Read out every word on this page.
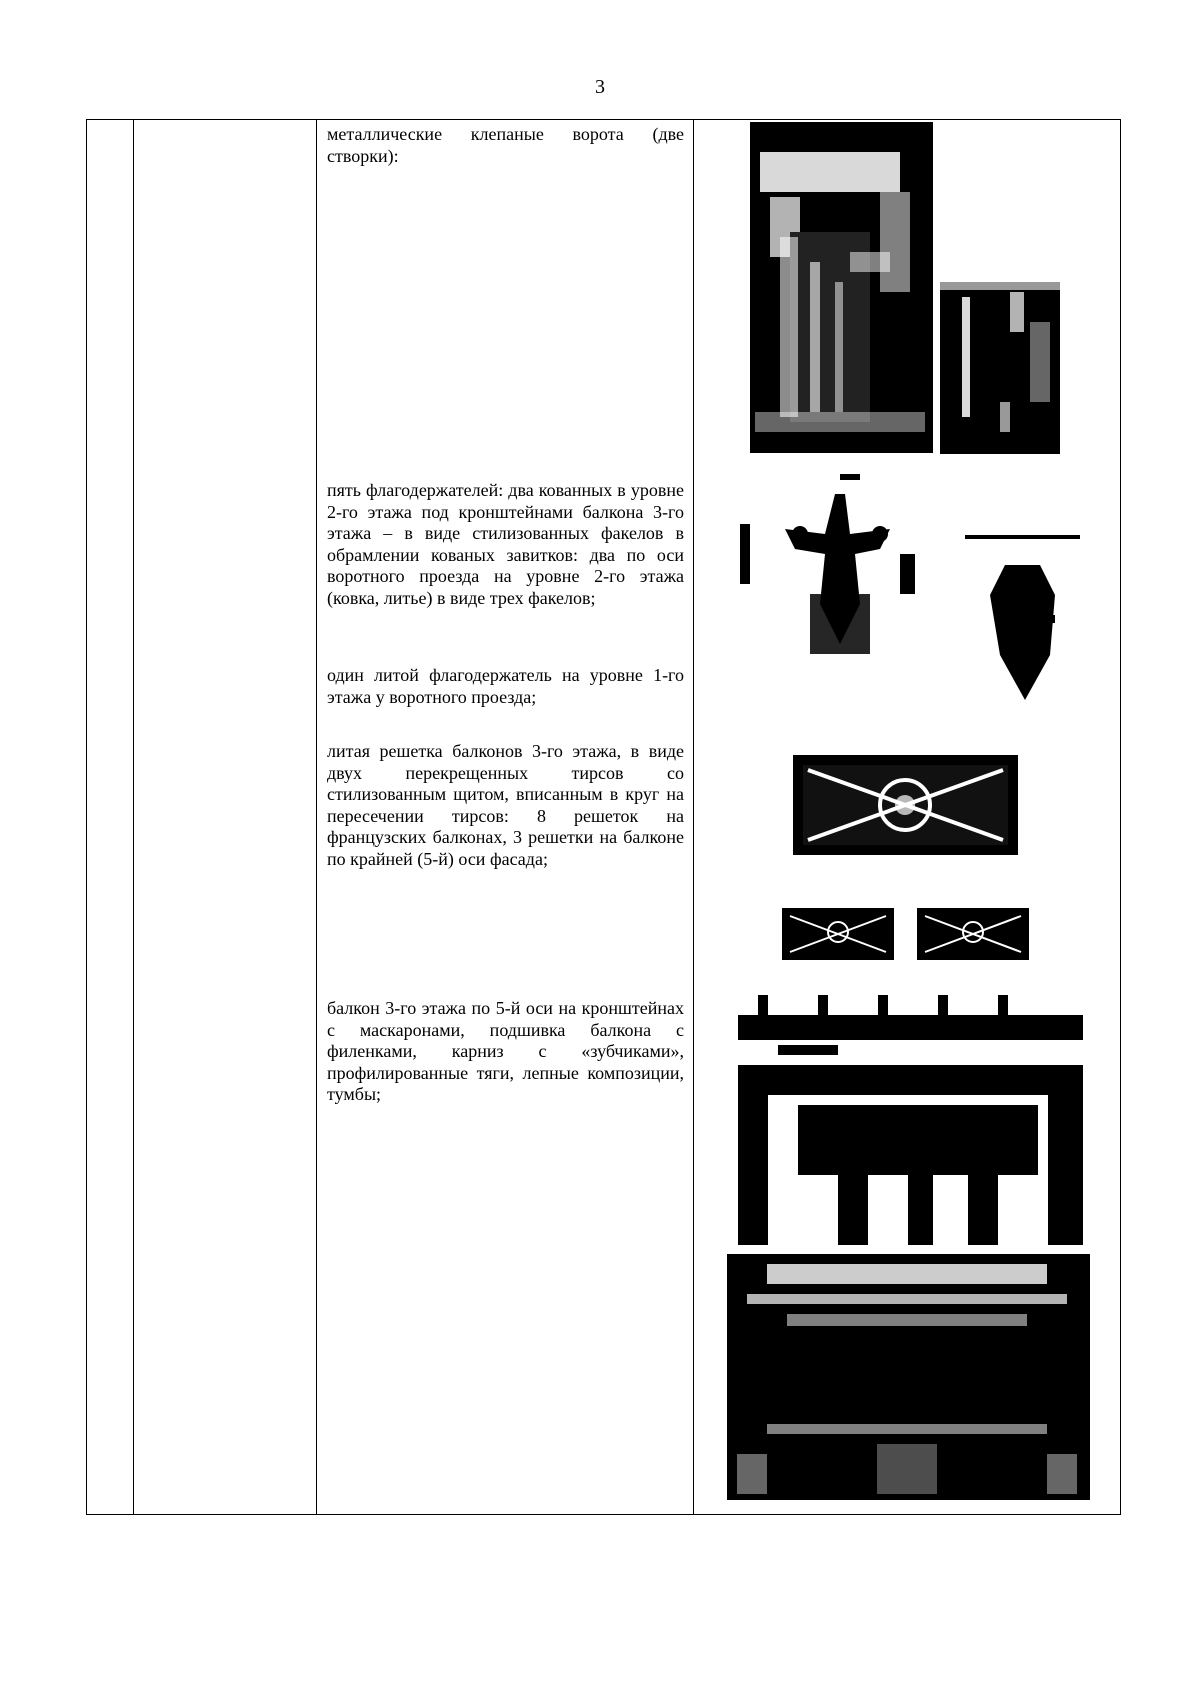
3
металлические клепаные ворота (две створки):
пять флагодержателей: два кованных в уровне 2-го этажа под кронштейнами балкона 3-го этажа – в виде стилизованных факелов в обрамлении кованых завитков: два по оси воротного проезда на уровне 2-го этажа (ковка, литье) в виде трех факелов;
один литой флагодержатель на уровне 1-го этажа у воротного проезда;
литая решетка балконов 3-го этажа, в виде двух перекрещенных тирсов со стилизованным щитом, вписанным в круг на пересечении тирсов: 8 решеток на французских балконах, 3 решетки на балконе по крайней (5-й) оси фасада;
балкон 3-го этажа по 5-й оси на кронштейнах с маскаронами, подшивка балкона с филенками, карниз с «зубчиками», профилированные тяги, лепные композиции, тумбы;
